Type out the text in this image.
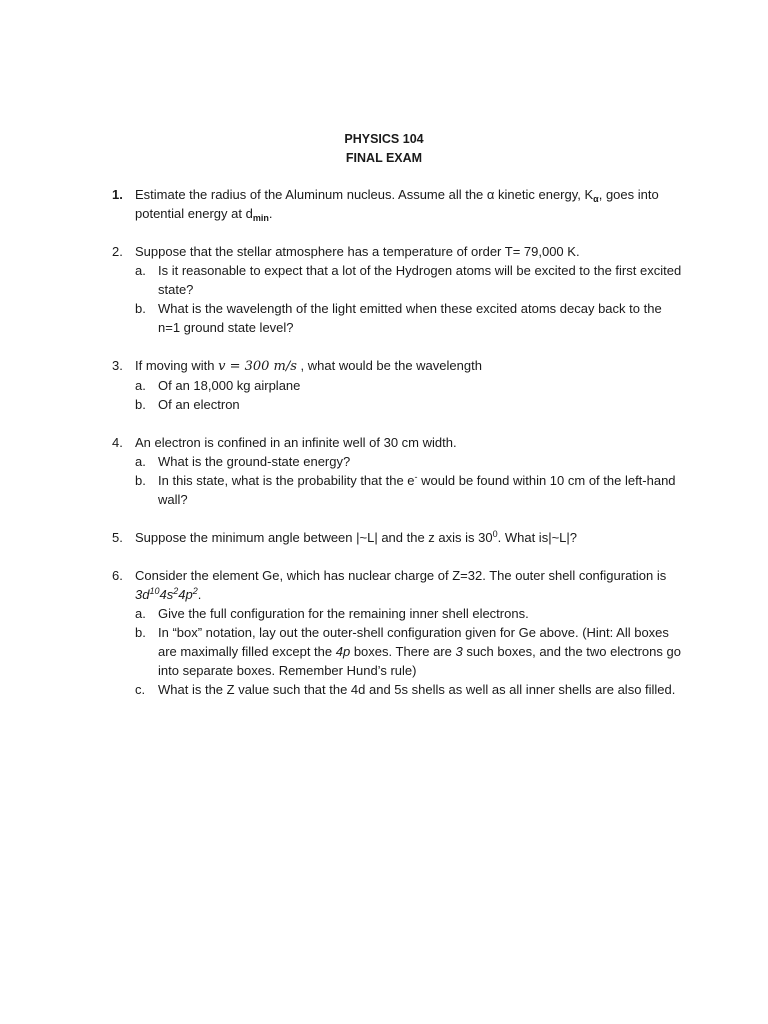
PHYSICS 104
FINAL EXAM
1. Estimate the radius of the Aluminum nucleus. Assume all the α kinetic energy, $K_\alpha$, goes into potential energy at $d_{min}$.
2. Suppose that the stellar atmosphere has a temperature of order T= 79,000 K.
a. Is it reasonable to expect that a lot of the Hydrogen atoms will be excited to the first excited state?
b. What is the wavelength of the light emitted when these excited atoms decay back to the n=1 ground state level?
3. If moving with v = 300 m/s , what would be the wavelength
a. Of an 18,000 kg airplane
b. Of an electron
4. An electron is confined in an infinite well of 30 cm width.
a. What is the ground-state energy?
b. In this state, what is the probability that the e- would be found within 10 cm of the left-hand wall?
5. Suppose the minimum angle between |~L| and the z axis is $30^0$. What is|~L|?
6. Consider the element Ge, which has nuclear charge of Z=32. The outer shell configuration is $3d^{10}4s^24p^2$.
a. Give the full configuration for the remaining inner shell electrons.
b. In “box” notation, lay out the outer-shell configuration given for Ge above. (Hint: All boxes are maximally filled except the 4p boxes. There are 3 such boxes, and the two electrons go into separate boxes. Remember Hund’s rule)
c. What is the Z value such that the 4d and 5s shells as well as all inner shells are also filled.
